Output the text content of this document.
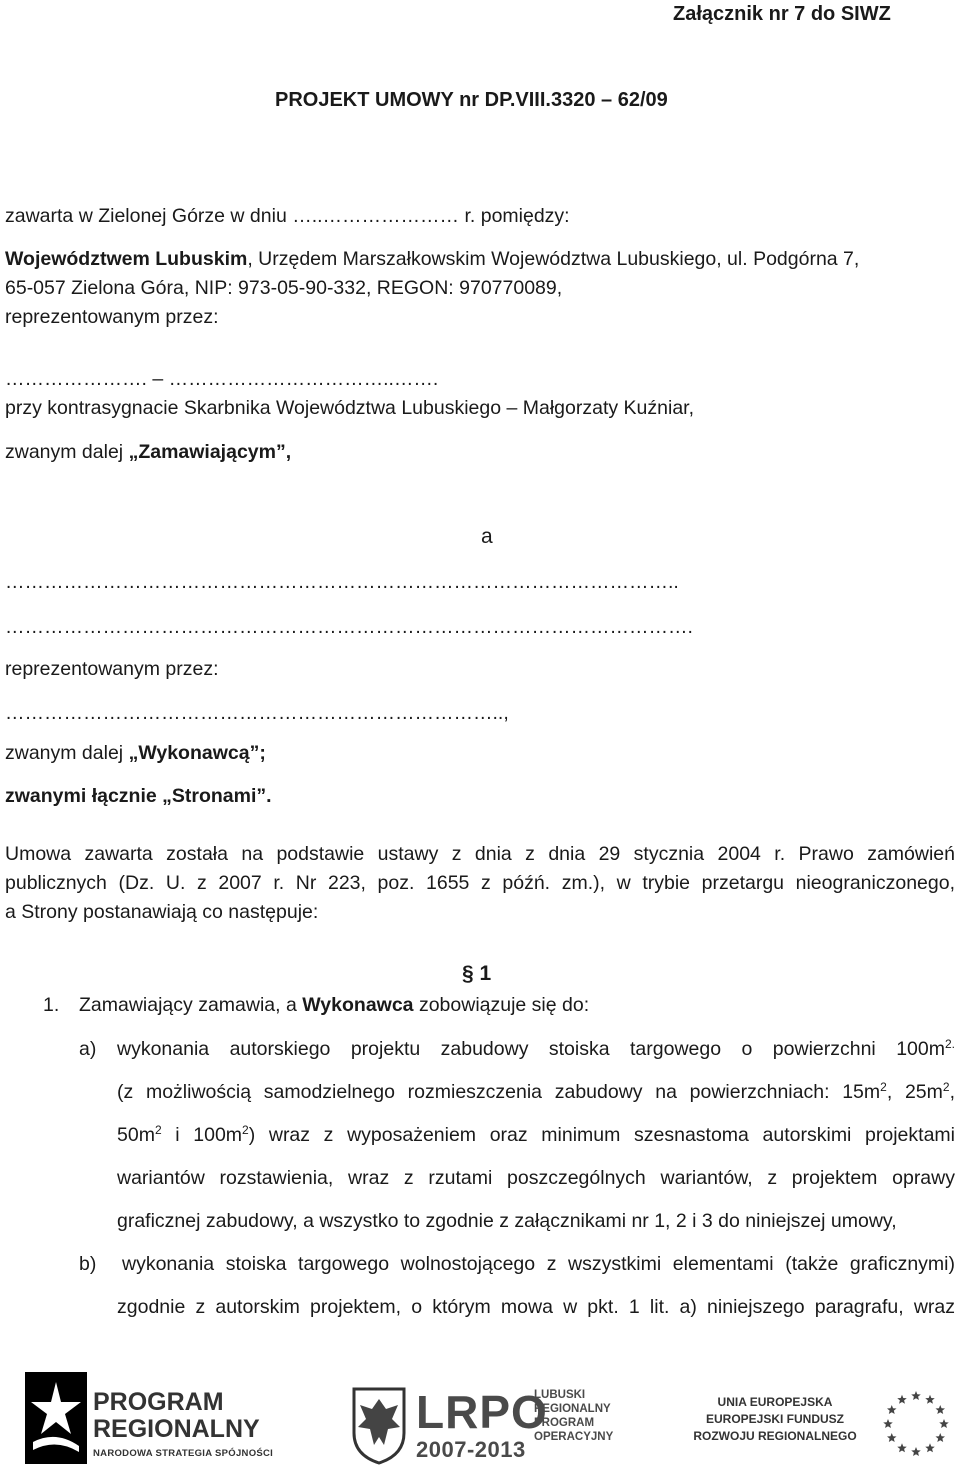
Załącznik nr 7 do SIWZ
PROJEKT UMOWY nr DP.VIII.3320 – 62/09
zawarta w Zielonej Górze w dniu …..………………… r. pomiędzy:
Województwem Lubuskim, Urzędem Marszałkowskim Województwa Lubuskiego, ul. Podgórna 7,
65-057 Zielona Góra, NIP: 973-05-90-332, REGON: 970770089,
reprezentowanym przez:
…………………. – ……………………………..…….
przy kontrasygnacie Skarbnika Województwa Lubuskiego – Małgorzaty Kuźniar,
zwanym dalej „Zamawiającym”,
a
…………………………………………………………………………………………..
…………………………………………………………………………………………….
reprezentowanym przez:
…………………………………………………………………..,
zwanym dalej „Wykonawcą”;
zwanymi łącznie „Stronami”.
Umowa zawarta została na podstawie ustawy z dnia z dnia 29 stycznia 2004 r. Prawo zamówień
publicznych (Dz. U. z 2007 r. Nr 223, poz. 1655 z późń. zm.), w trybie przetargu nieograniczonego,
a Strony postanawiają co następuje:
§ 1
1. Zamawiający zamawia, a Wykonawca zobowiązuje się do:
a) wykonania autorskiego projektu zabudowy stoiska targowego o powierzchni $100m^{2.}$
(z możliwością samodzielnego rozmieszczenia zabudowy na powierzchniach: $15m^2$, $25m^2$,
$50m^2$ i $100m^2$) wraz z wyposażeniem oraz minimum szesnastoma autorskimi projektami
wariantów rozstawienia, wraz z rzutami poszczególnych wariantów, z projektem oprawy
graficznej zabudowy, a wszystko to zgodnie z załącznikami nr 1, 2 i 3 do niniejszej umowy,
b) wykonania stoiska targowego wolnostojącego z wszystkimi elementami (także graficznymi)
zgodnie z autorskim projektem, o którym mowa w pkt. 1 lit. a) niniejszego paragrafu, wraz
PROGRAM
REGIONALNY
NARODOWA STRATEGIA SPÓJNOŚCI
LRPO
2007-2013
LUBUSKI
REGIONALNY
PROGRAM
OPERACYJNY
UNIA EUROPEJSKA
EUROPEJSKI FUNDUSZ
ROZWOJU REGIONALNEGO
